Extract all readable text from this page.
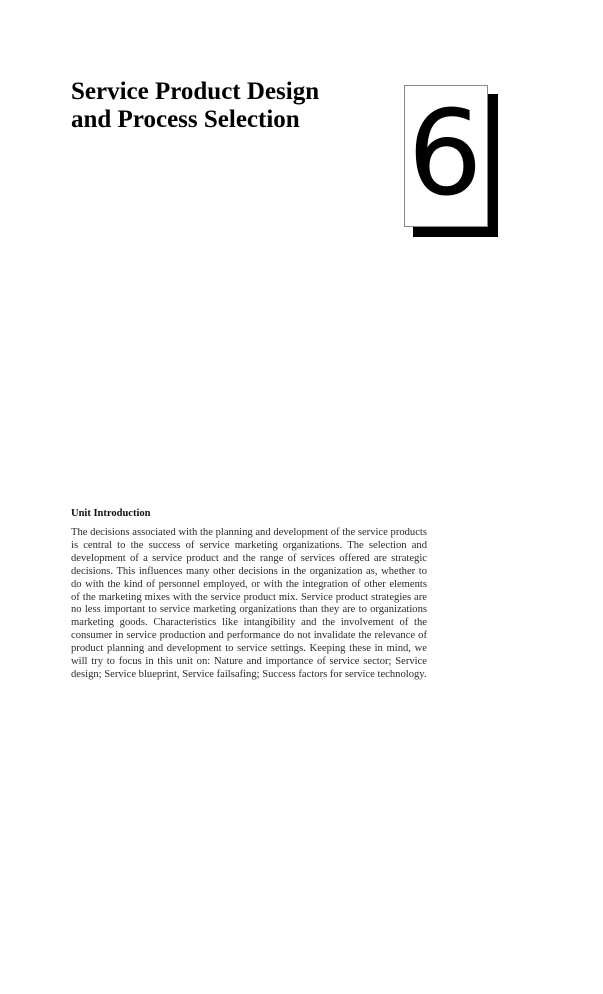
Service Product Design
and Process Selection 6
Unit Introduction

The decisions associated with the planning and development of the service products is central to the success of service marketing organizations. The selection and development of a service product and the range of services offered are strategic decisions. This influences many other decisions in the organization as, whether to do with the kind of personnel employed, or with the integration of other elements of the marketing mixes with the service product mix. Service product strategies are no less important to service marketing organizations than they are to organizations marketing goods. Characteristics like intangibility and the involvement of the consumer in service production and performance do not invalidate the relevance of product planning and development to service settings. Keeping these in mind, we will try to focus in this unit on: Nature and importance of service sector; Service design; Service blueprint, Service failsafing; Success factors for service technology.
